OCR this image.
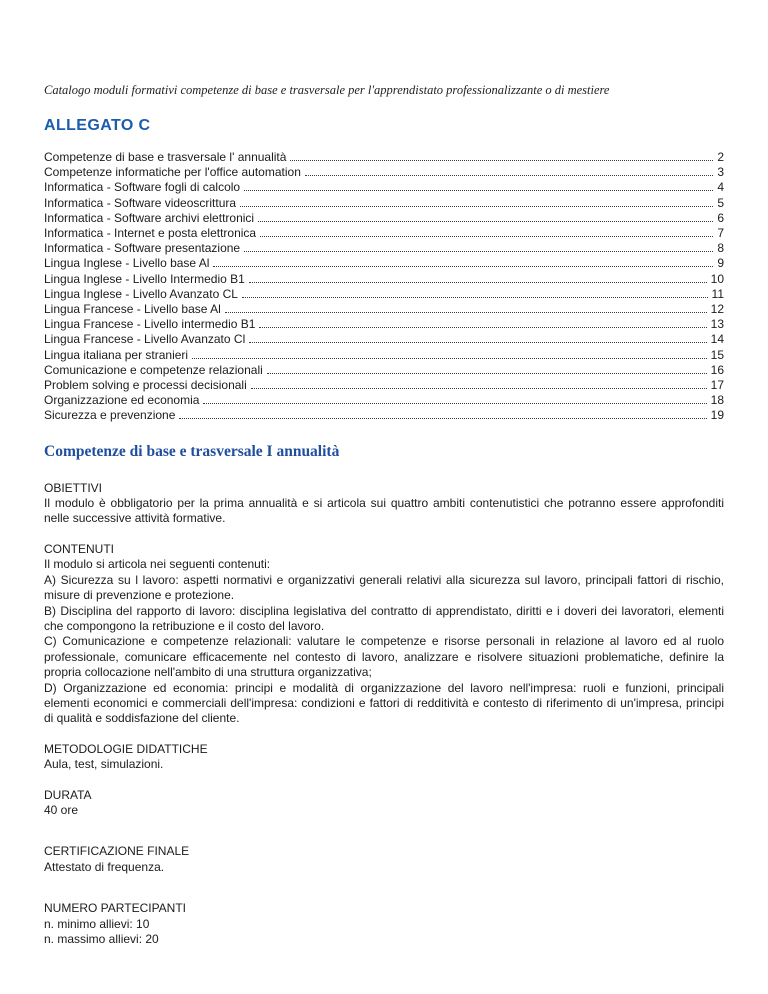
Catalogo moduli formativi competenze di base e trasversale per l'apprendistato professionalizzante o di mestiere

ALLEGATO C
Competenze di base e trasversale l' annualità	2
Competenze informatiche per l'office automation	3
Informatica - Software fogli di calcolo	4
Informatica - Software videoscrittura	5
Informatica - Software archivi elettronici	6
Informatica - Internet e posta elettronica	7
Informatica - Software presentazione	8
Lingua Inglese - Livello base Al	9
Lingua Inglese - Livello Intermedio B1	10
Lingua Inglese - Livello Avanzato CL	11
Lingua Francese - Livello base Al	12
Lingua Francese - Livello intermedio B1	13
Lingua Francese - Livello Avanzato Cl	14
Lingua italiana per stranieri	15
Comunicazione e competenze relazionali	16
Problem solving e processi decisionali	17
Organizzazione ed economia	18
Sicurezza e prevenzione	19
Competenze di base e trasversale I annualità

OBIETTIVI

Il modulo è obbligatorio per la prima annualità e si articola sui quattro ambiti contenutistici che potranno essere approfonditi nelle successive attività formative.

CONTENUTI

Il modulo si articola nei seguenti contenuti:

A) Sicurezza su l lavoro: aspetti normativi e organizzativi generali relativi alla sicurezza sul lavoro, principali fattori di rischio, misure di prevenzione e protezione.

B) Disciplina del rapporto di lavoro: disciplina legislativa del contratto di apprendistato, diritti e i doveri dei lavoratori, elementi che compongono la retribuzione e il costo del lavoro.

C) Comunicazione e competenze relazionali: valutare le competenze e risorse personali in relazione al lavoro ed al ruolo professionale, comunicare efficacemente nel contesto di lavoro, analizzare e risolvere situazioni problematiche, definire la propria collocazione nell'ambito di una struttura organizzativa;

D) Organizzazione ed economia: principi e modalità di organizzazione del lavoro nell'impresa: ruoli e funzioni, principali elementi economici e commerciali dell'impresa: condizioni e fattori di redditività e contesto di riferimento di un'impresa, principi di qualità e soddisfazione del cliente.

METODOLOGIE DIDATTICHE

Aula, test, simulazioni.

DURATA

40 ore

CERTIFICAZIONE FINALE

Attestato di frequenza.

NUMERO PARTECIPANTI

n. minimo allievi: 10

n. massimo allievi: 20
